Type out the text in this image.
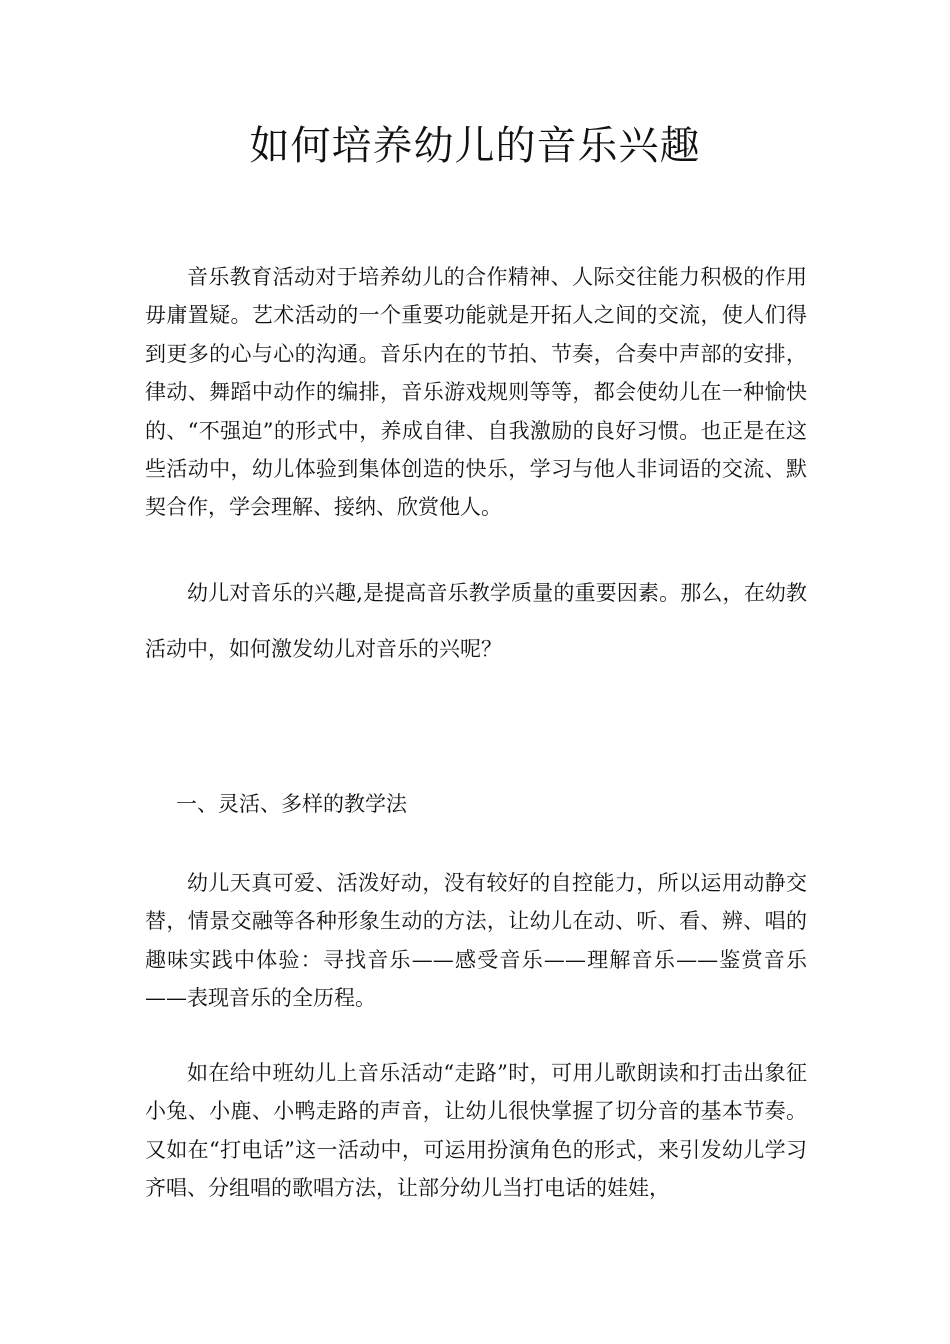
如何培养幼儿的音乐兴趣

音乐教育活动对于培养幼儿的合作精神、人际交往能力积极的作用毋庸置疑。艺术活动的一个重要功能就是开拓人之间的交流，使人们得到更多的心与心的沟通。音乐内在的节拍、节奏，合奏中声部的安排，律动、舞蹈中动作的编排，音乐游戏规则等等，都会使幼儿在一种愉快的、“不强迫”的形式中，养成自律、自我激励的良好习惯。也正是在这些活动中，幼儿体验到集体创造的快乐，学习与他人非词语的交流、默契合作，学会理解、接纳、欣赏他人。

幼儿对音乐的兴趣,是提高音乐教学质量的重要因素。那么，在幼教活动中，如何激发幼儿对音乐的兴呢？

一、灵活、多样的教学法

幼儿天真可爱、活泼好动，没有较好的自控能力，所以运用动静交替，情景交融等各种形象生动的方法，让幼儿在动、听、看、辨、唱的趣味实践中体验：寻找音乐——感受音乐——理解音乐——鉴赏音乐——表现音乐的全历程。

如在给中班幼儿上音乐活动“走路”时，可用儿歌朗读和打击出象征小兔、小鹿、小鸭走路的声音，让幼儿很快掌握了切分音的基本节奏。又如在“打电话”这一活动中，可运用扮演角色的形式，来引发幼儿学习齐唱、分组唱的歌唱方法，让部分幼儿当打电话的娃娃，
